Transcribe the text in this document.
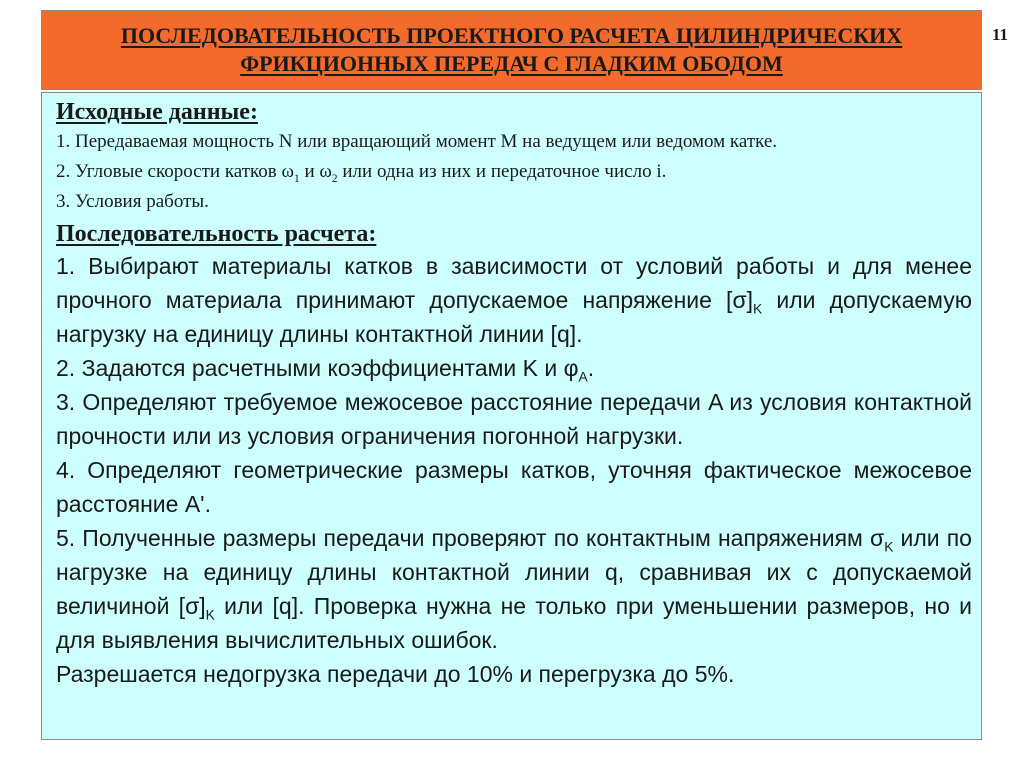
ПОСЛЕДОВАТЕЛЬНОСТЬ ПРОЕКТНОГО РАСЧЕТА ЦИЛИНДРИЧЕСКИХ
ФРИКЦИОННЫХ ПЕРЕДАЧ С ГЛАДКИМ ОБОДОМ
11
Исходные данные:

1. Передаваемая мощность N или вращающий момент M на ведущем или ведомом катке.

2. Угловые скорости катков $\omega_1$ и $\omega_2$ или одна из них и передаточное число i.

3. Условия работы.

Последовательность расчета:

1. Выбирают материалы катков в зависимости от условий работы и для менее прочного материала принимают допускаемое напряжение $[\sigma]_K$ или допускаемую нагрузку на единицу длины контактной линии [q].

2. Задаются расчетными коэффициентами K и $\varphi_A$.

3. Определяют требуемое межосевое расстояние передачи A из условия контактной прочности или из условия ограничения погонной нагрузки.

4. Определяют геометрические размеры катков, уточняя фактическое межосевое расстояние A'.

5. Полученные размеры передачи проверяют по контактным напряжениям $\sigma_K$ или по нагрузке на единицу длины контактной линии q, сравнивая их с допускаемой величиной $[\sigma]_K$ или [q]. Проверка нужна не только при уменьшении размеров, но и для выявления вычислительных ошибок.

Разрешается недогрузка передачи до 10% и перегрузка до 5%.
